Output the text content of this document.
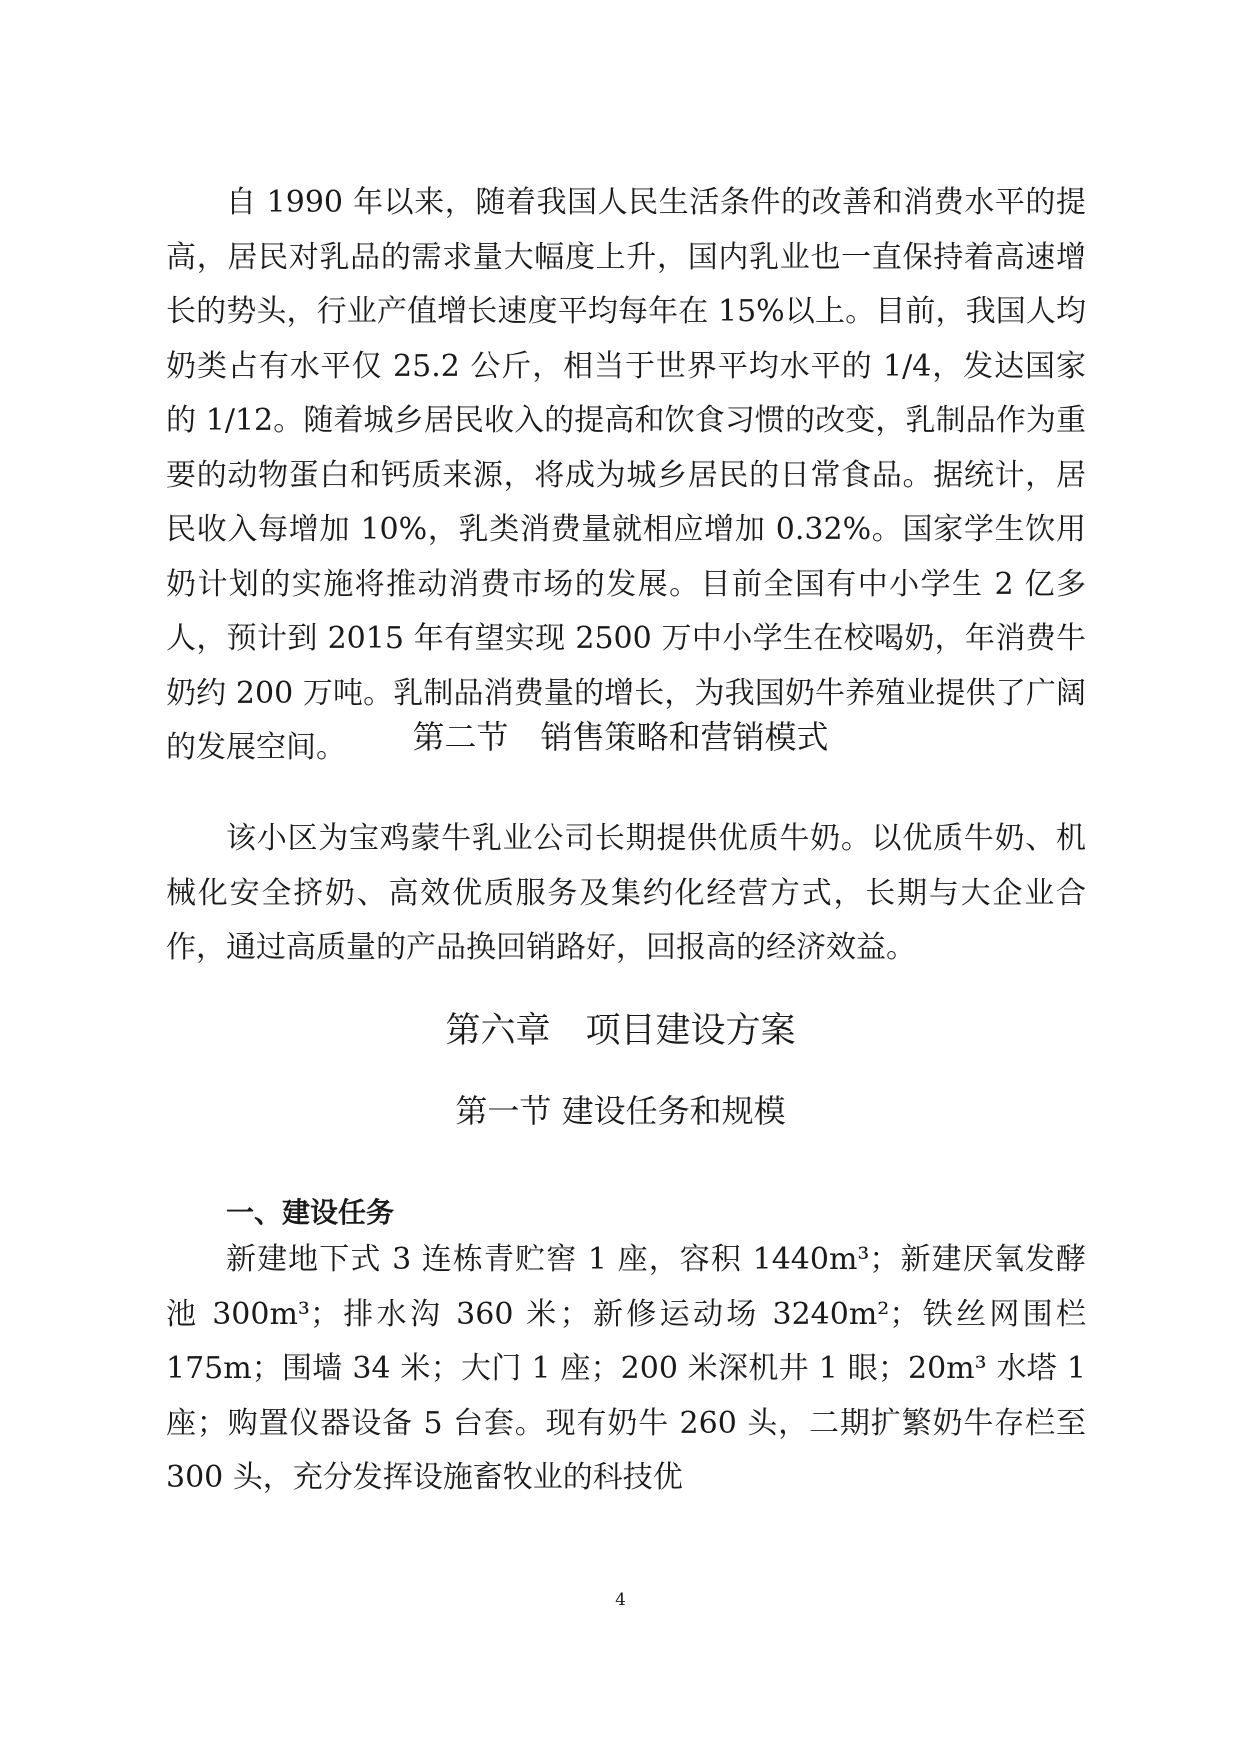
自 1990 年以来，随着我国人民生活条件的改善和消费水平的提高，居民对乳品的需求量大幅度上升，国内乳业也一直保持着高速增长的势头，行业产值增长速度平均每年在 15%以上。目前，我国人均奶类占有水平仅 25.2 公斤，相当于世界平均水平的 1/4，发达国家的 1/12。随着城乡居民收入的提高和饮食习惯的改变，乳制品作为重要的动物蛋白和钙质来源，将成为城乡居民的日常食品。据统计，居民收入每增加 10%，乳类消费量就相应增加 0.32%。国家学生饮用奶计划的实施将推动消费市场的发展。目前全国有中小学生 2 亿多人，预计到 2015 年有望实现 2500 万中小学生在校喝奶，年消费牛奶约 200 万吨。乳制品消费量的增长，为我国奶牛养殖业提供了广阔的发展空间。	第二节　销售策略和营销模式

该小区为宝鸡蒙牛乳业公司长期提供优质牛奶。以优质牛奶、机械化安全挤奶、高效优质服务及集约化经营方式，长期与大企业合作，通过高质量的产品换回销路好，回报高的经济效益。

第六章　项目建设方案
第一节 建设任务和规模
一、建设任务

新建地下式 3 连栋青贮窖 1 座，容积 1440m³；新建厌氧发酵池 300m³；排水沟 360 米；新修运动场 3240m²；铁丝网围栏 175m；围墙 34 米；大门 1 座；200 米深机井 1 眼；20m³ 水塔 1 座；购置仪器设备 5 台套。现有奶牛 260 头，二期扩繁奶牛存栏至 300 头，充分发挥设施畜牧业的科技优

4
